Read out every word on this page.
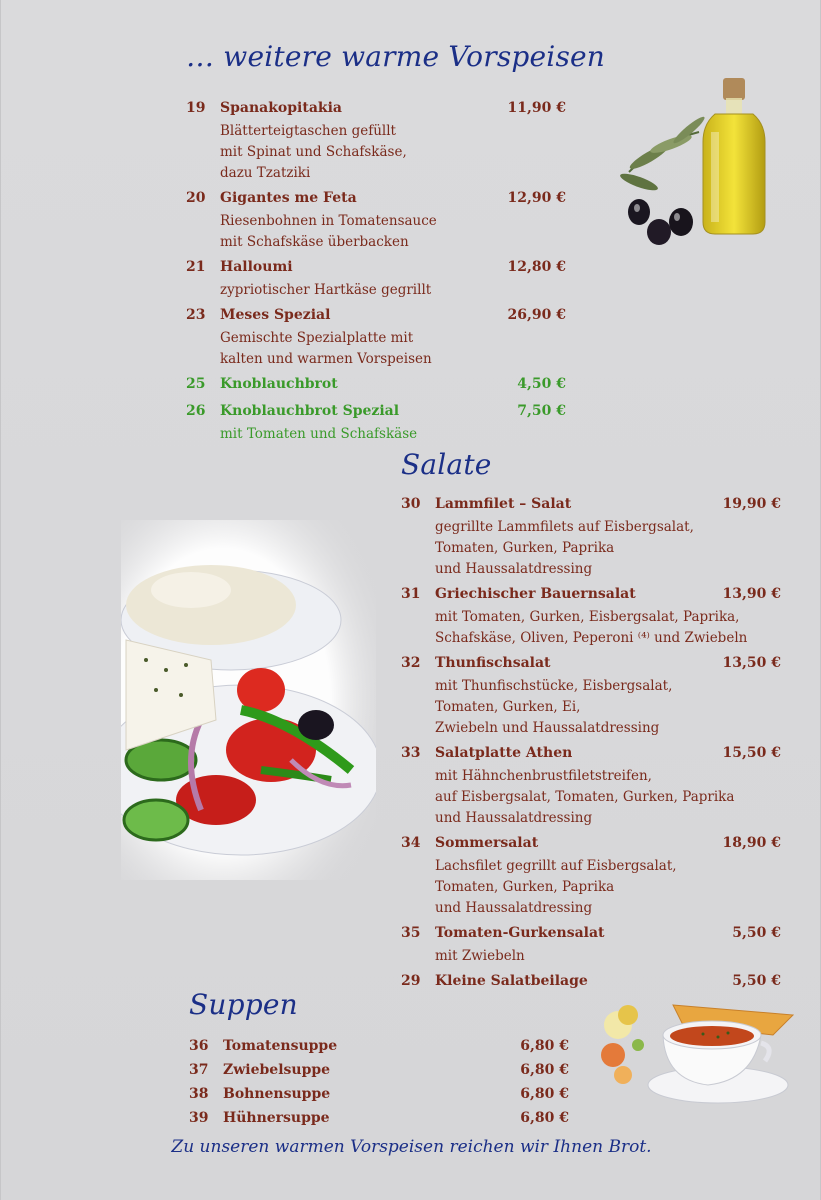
… weitere warme Vorspeisen
19 Spanakopitakia	11,90 €
Blätterteigtaschen gefüllt
mit Spinat und Schafskäse,
dazu Tzatziki
20 Gigantes me Feta	12,90 €
Riesenbohnen in Tomatensauce
mit Schafskäse überbacken
21 Halloumi	12,80 €
zypriotischer Hartkäse gegrillt
23 Meses Spezial	26,90 €
Gemischte Spezialplatte mit
kalten und warmen Vorspeisen
25 Knoblauchbrot	4,50 €
26 Knoblauchbrot Spezial	7,50 €
mit Tomaten und Schafskäse
Salate
30 Lammfilet – Salat	19,90 €
gegrillte Lammfilets auf Eisbergsalat,
Tomaten, Gurken, Paprika
und Haussalatdressing
31 Griechischer Bauernsalat	13,90 €
mit Tomaten, Gurken, Eisbergsalat, Paprika,
Schafskäse, Oliven, Peperoni ⁽⁴⁾ und Zwiebeln
32 Thunfischsalat	13,50 €
mit Thunfischstücke, Eisbergsalat,
Tomaten, Gurken, Ei,
Zwiebeln und Haussalatdressing
33 Salatplatte Athen	15,50 €
mit Hähnchenbrustfiletstreifen,
auf Eisbergsalat, Tomaten, Gurken, Paprika
und Haussalatdressing
34 Sommersalat	18,90 €
Lachsfilet gegrillt auf Eisbergsalat,
Tomaten, Gurken, Paprika
und Haussalatdressing
35 Tomaten-Gurkensalat	5,50 €
mit Zwiebeln
29 Kleine Salatbeilage	5,50 €
Suppen
36 Tomatensuppe	6,80 €
37 Zwiebelsuppe	6,80 €
38 Bohnensuppe	6,80 €
39 Hühnersuppe	6,80 €
Zu unseren warmen Vorspeisen reichen wir Ihnen Brot.
